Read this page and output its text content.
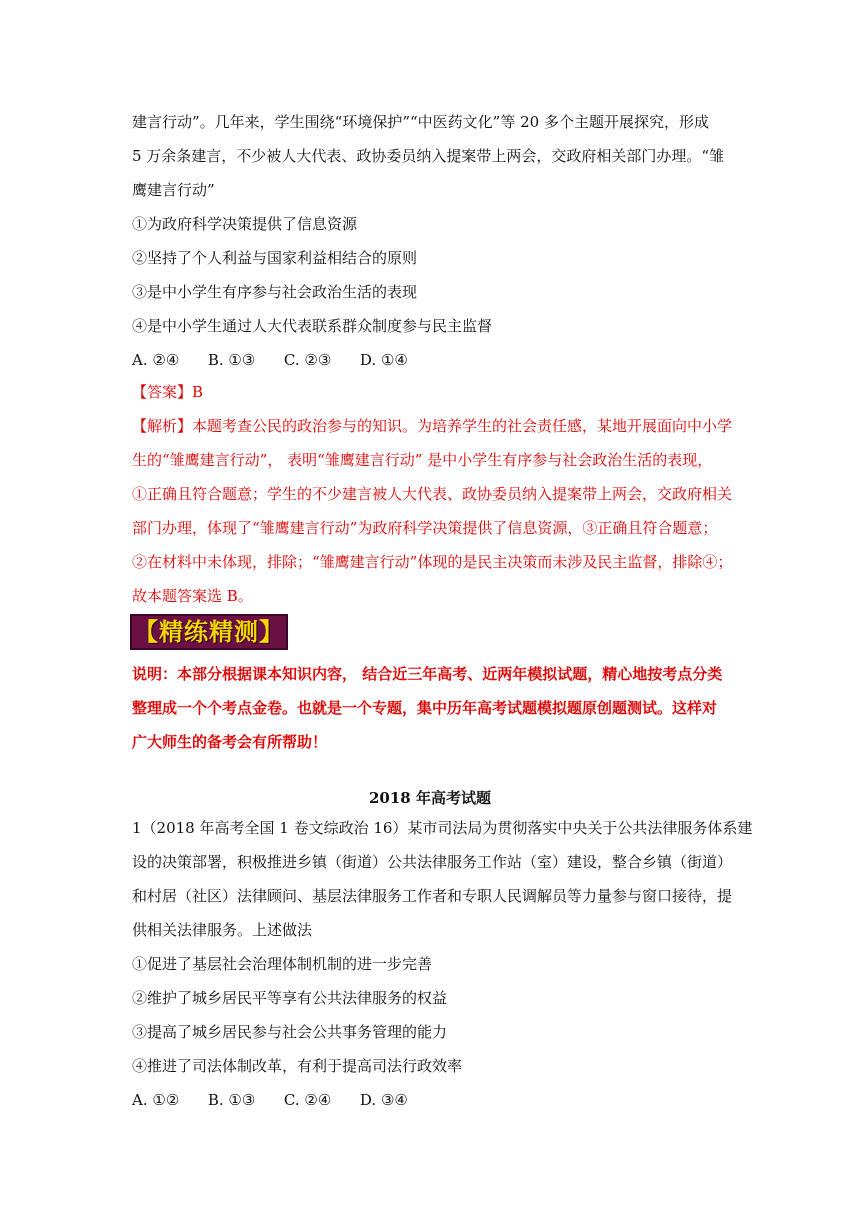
建言行动”。几年来，学生围绕“环境保护”“中医药文化”等 20 多个主题开展探究，形成
5 万余条建言，不少被人大代表、政协委员纳入提案带上两会，交政府相关部门办理。“雏
鹰建言行动”
①为政府科学决策提供了信息资源
②坚持了个人利益与国家利益相结合的原则
③是中小学生有序参与社会政治生活的表现
④是中小学生通过人大代表联系群众制度参与民主监督
A. ②④      B. ①③      C. ②③      D. ①④
【答案】B
【解析】本题考查公民的政治参与的知识。为培养学生的社会责任感，某地开展面向中小学
生的“雏鹰建言行动”， 表明“雏鹰建言行动” 是中小学生有序参与社会政治生活的表现，
①正确且符合题意；学生的不少建言被人大代表、政协委员纳入提案带上两会，交政府相关
部门办理，体现了“雏鹰建言行动”为政府科学决策提供了信息资源，③正确且符合题意；
②在材料中未体现，排除；“雏鹰建言行动”体现的是民主决策而未涉及民主监督，排除④；
故本题答案选 B。
【精练精测】
说明：本部分根据课本知识内容， 结合近三年高考、近两年模拟试题，精心地按考点分类
整理成一个个考点金卷。也就是一个专题，集中历年高考试题模拟题原创题测试。这样对
广大师生的备考会有所帮助！
2018 年高考试题
1（2018 年高考全国 1 卷文综政治 16）某市司法局为贯彻落实中央关于公共法律服务体系建
设的决策部署，积极推进乡镇（街道）公共法律服务工作站（室）建设，整合乡镇（街道）
和村居（社区）法律顾问、基层法律服务工作者和专职人民调解员等力量参与窗口接待，提
供相关法律服务。上述做法
①促进了基层社会治理体制机制的进一步完善
②维护了城乡居民平等享有公共法律服务的权益
③提高了城乡居民参与社会公共事务管理的能力
④推进了司法体制改革，有利于提高司法行政效率
A. ①②      B. ①③      C. ②④      D. ③④
